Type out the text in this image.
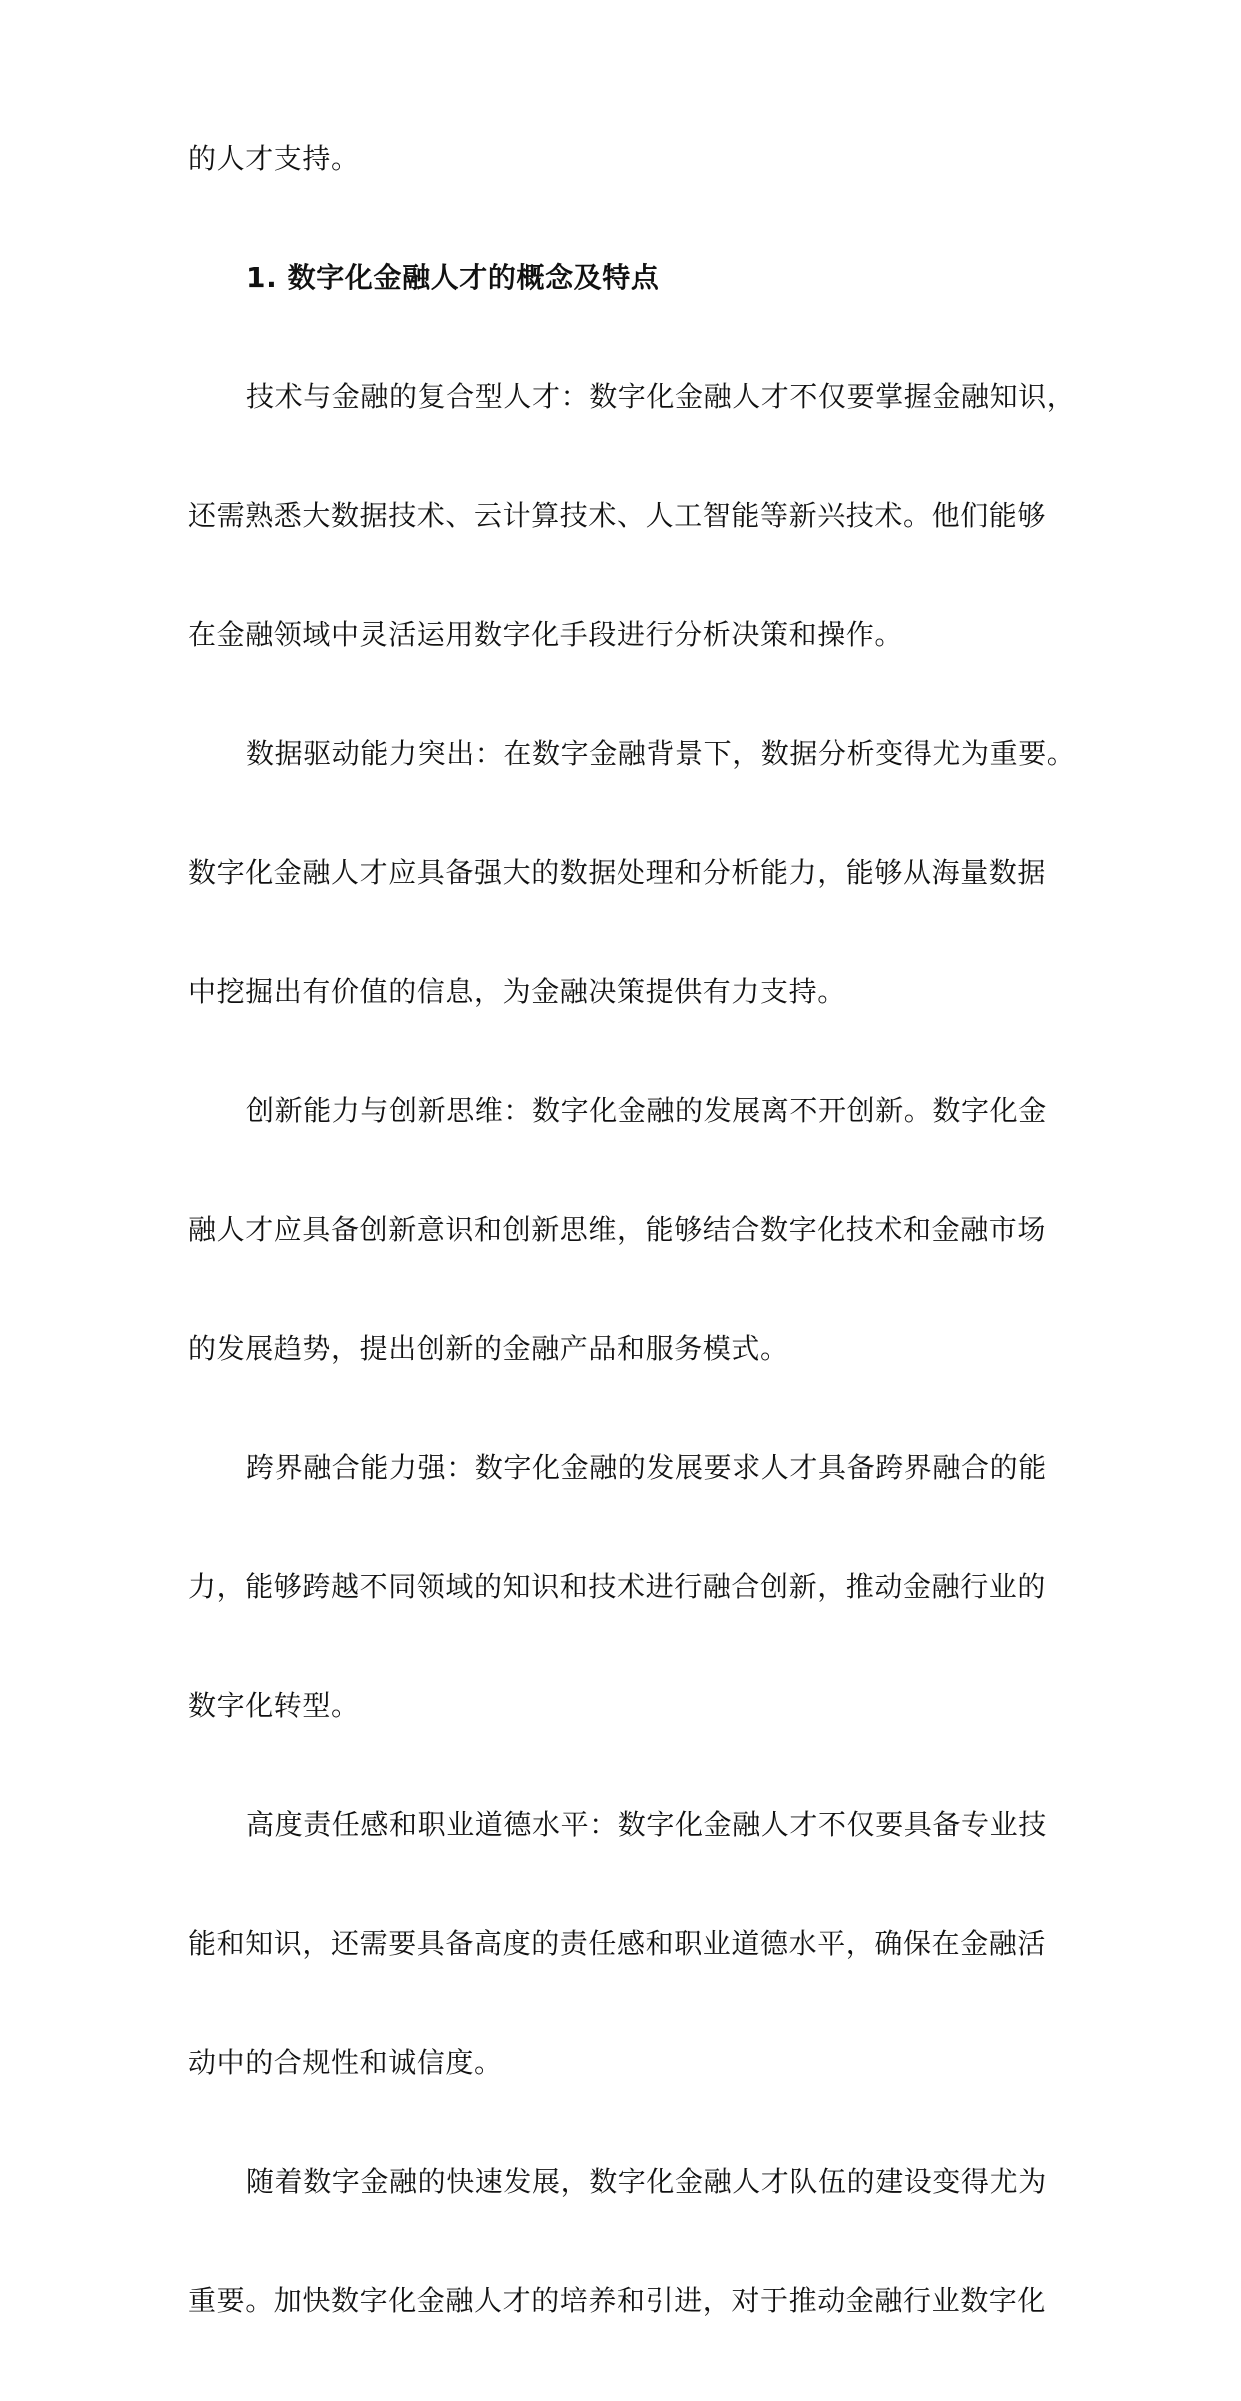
的人才支持。
1. 数字化金融人才的概念及特点
技术与金融的复合型人才：数字化金融人才不仅要掌握金融知识，
还需熟悉大数据技术、云计算技术、人工智能等新兴技术。他们能够
在金融领域中灵活运用数字化手段进行分析决策和操作。
数据驱动能力突出：在数字金融背景下，数据分析变得尤为重要。
数字化金融人才应具备强大的数据处理和分析能力，能够从海量数据
中挖掘出有价值的信息，为金融决策提供有力支持。
创新能力与创新思维：数字化金融的发展离不开创新。数字化金
融人才应具备创新意识和创新思维，能够结合数字化技术和金融市场
的发展趋势，提出创新的金融产品和服务模式。
跨界融合能力强：数字化金融的发展要求人才具备跨界融合的能
力，能够跨越不同领域的知识和技术进行融合创新，推动金融行业的
数字化转型。
高度责任感和职业道德水平：数字化金融人才不仅要具备专业技
能和知识，还需要具备高度的责任感和职业道德水平，确保在金融活
动中的合规性和诚信度。
随着数字金融的快速发展，数字化金融人才队伍的建设变得尤为
重要。加快数字化金融人才的培养和引进，对于推动金融行业数字化
